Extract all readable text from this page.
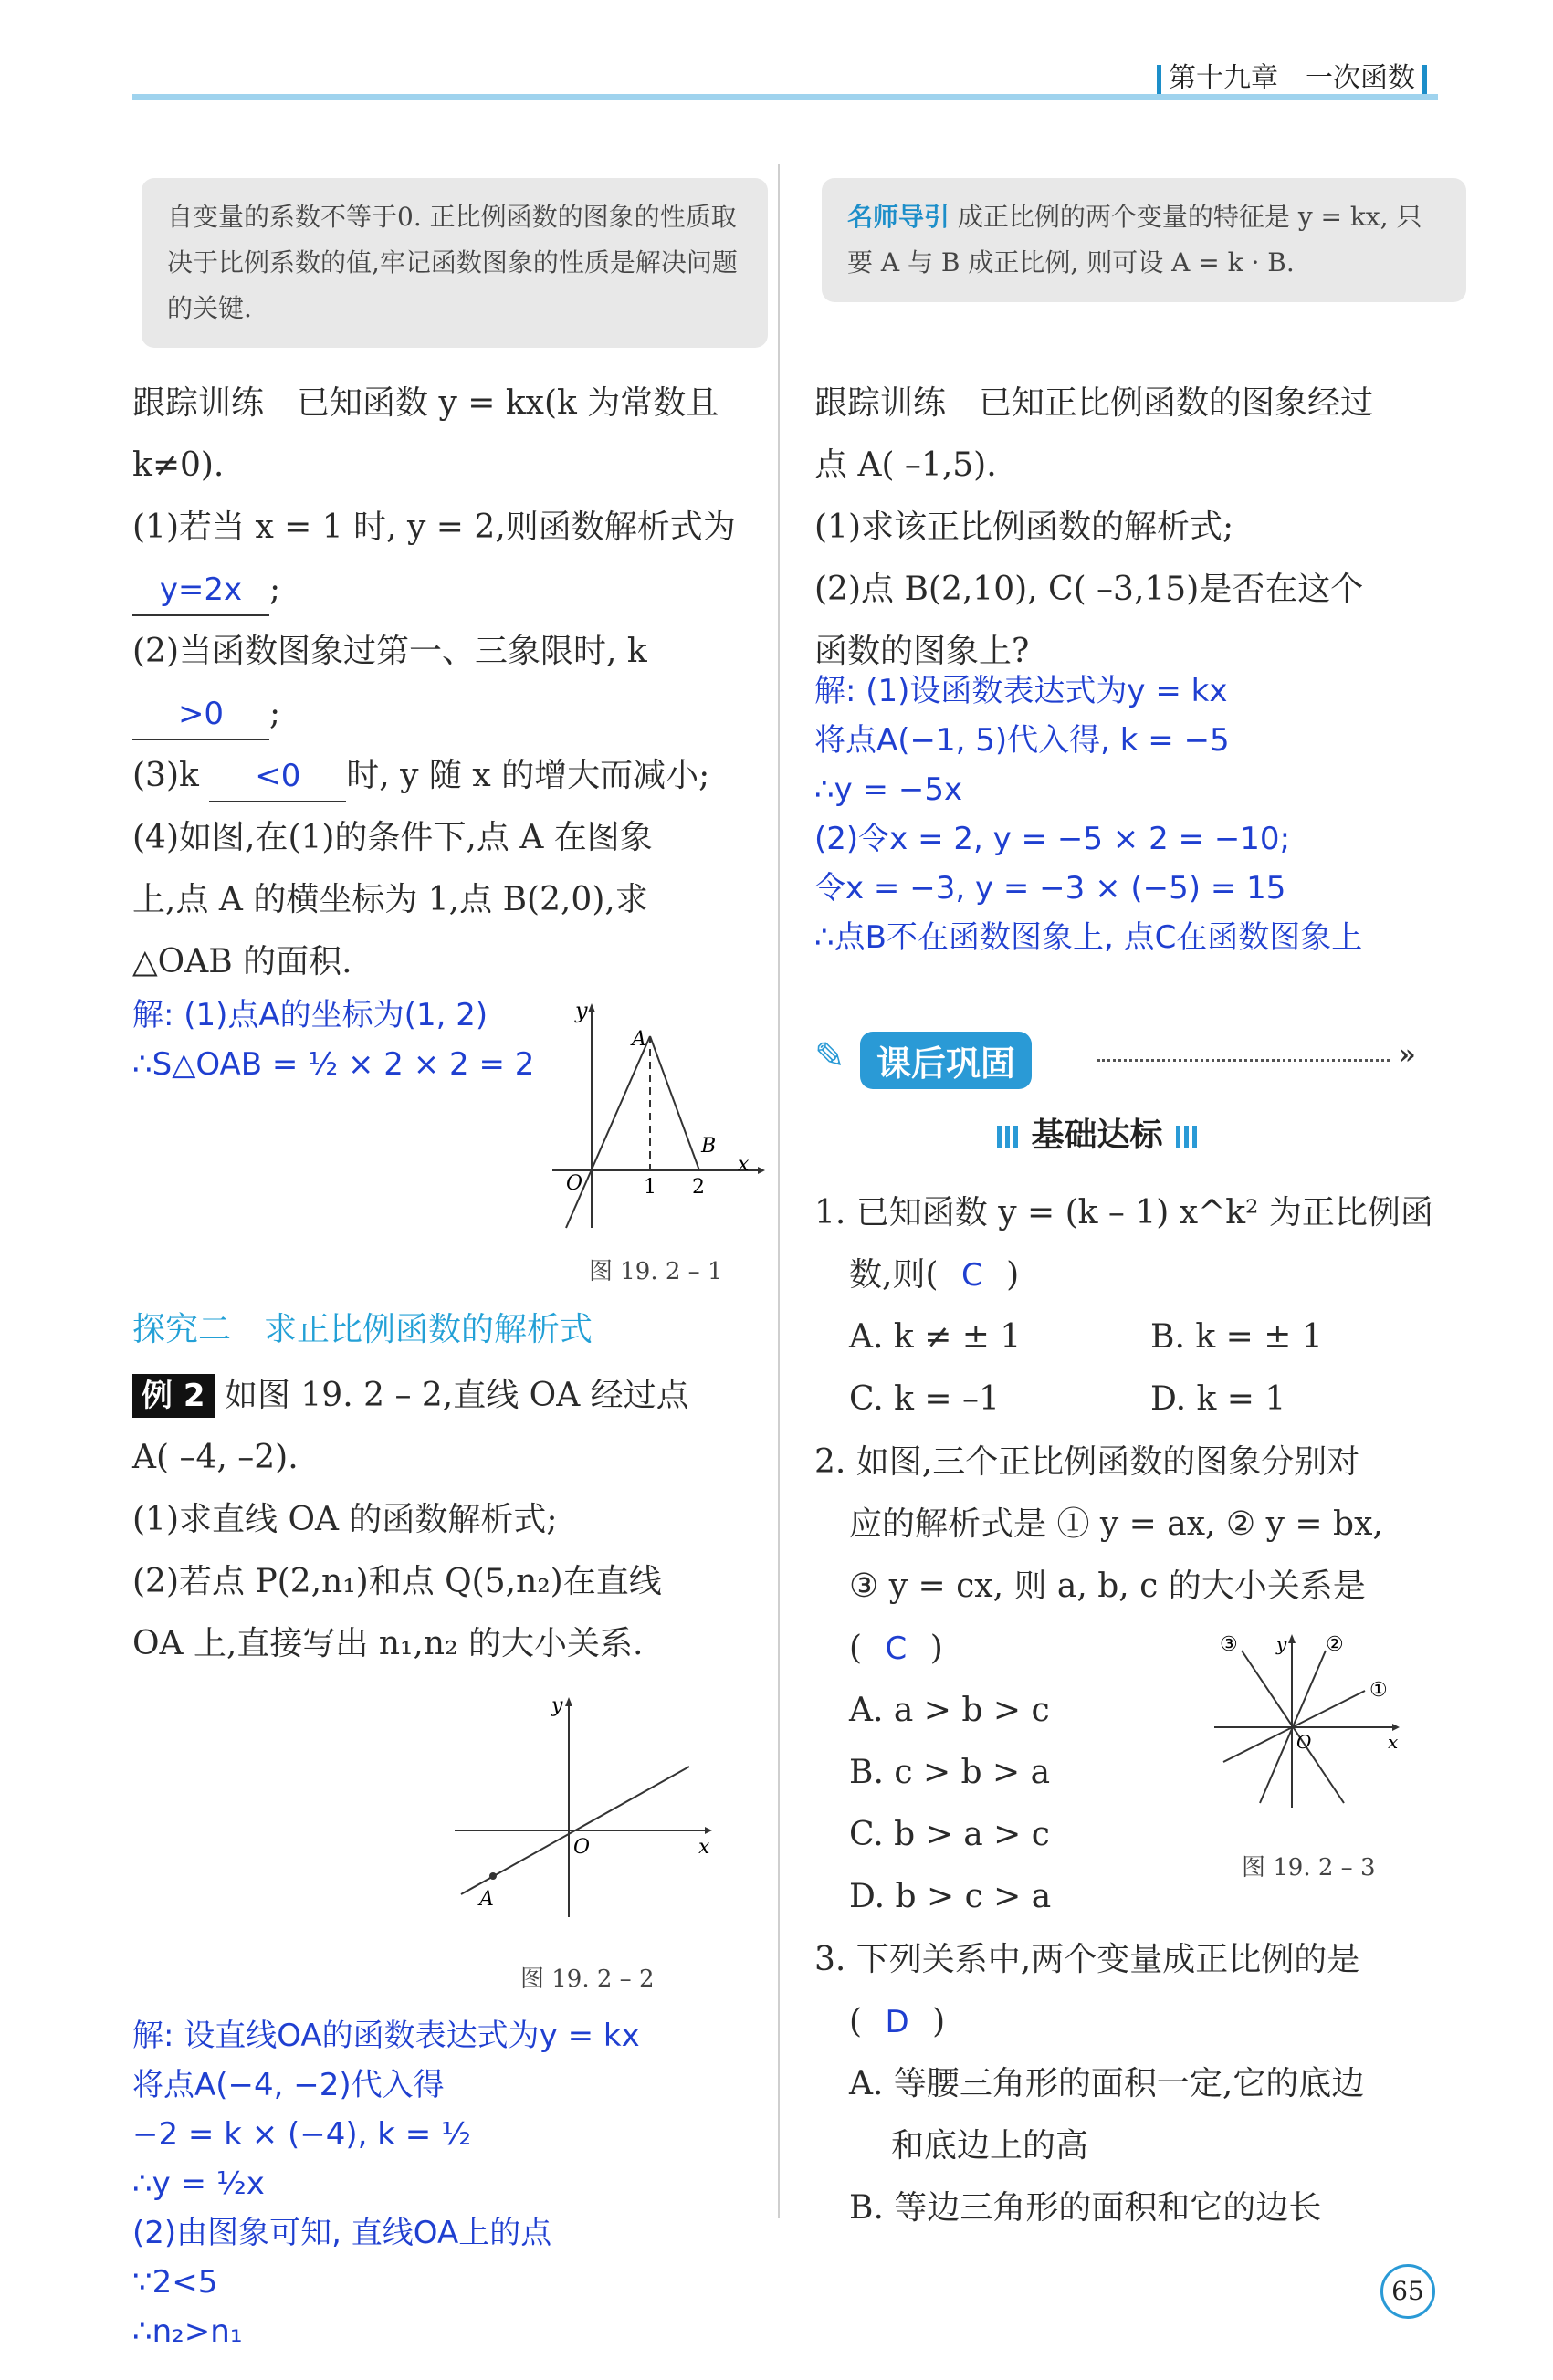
第十九章　一次函数
自变量的系数不等于0. 正比例函数的图象的性质取决于比例系数的值,牢记函数图象的性质是解决问题的关键.
跟踪训练　已知函数 y = kx(k 为常数且
k≠0).
(1)若当 x = 1 时, y = 2,则函数解析式为
y=2x ;
(2)当函数图象过第一、三象限时, k
>0 ;
(3)k <0 时, y 随 x 的增大而减小;
(4)如图,在(1)的条件下,点 A 在图象
上,点 A 的横坐标为 1,点 B(2,0),求
△OAB 的面积.
解: (1)点A的坐标为(1, 2)
∴S△OAB = ½ × 2 × 2 = 2
y
x
O
A
B
1 2
图 19. 2 – 1
探究二　求正比例函数的解析式
例 2 如图 19. 2 – 2,直线 OA 经过点
A( –4, –2).
(1)求直线 OA 的函数解析式;
(2)若点 P(2,n₁)和点 Q(5,n₂)在直线
OA 上,直接写出 n₁,n₂ 的大小关系.
y
x
O
A
图 19. 2 – 2
解: 设直线OA的函数表达式为y = kx
将点A(−4, −2)代入得
−2 = k × (−4), k = ½
∴y = ½x
(2)由图象可知, 直线OA上的点
∵2<5
∴n₂>n₁
名师导引 成正比例的两个变量的特征是 y = kx, 只要 A 与 B 成正比例, 则可设 A = k · B.
跟踪训练　已知正比例函数的图象经过
点 A( –1,5).
(1)求该正比例函数的解析式;
(2)点 B(2,10), C( –3,15)是否在这个
函数的图象上?
解: (1)设函数表达式为y = kx
将点A(−1, 5)代入得, k = −5
∴y = −5x
(2)令x = 2, y = −5 × 2 = −10;
令x = −3, y = −3 × (−5) = 15
∴点B不在函数图象上, 点C在函数图象上
✎ 课后巩固	»
基础达标
1. 已知函数 y = (k – 1) x^k² 为正比例函
数,则( C )
A. k ≠ ± 1	B. k = ± 1
C. k = –1	D. k = 1
2. 如图,三个正比例函数的图象分别对
应的解析式是 ① y = ax, ② y = bx,
③ y = cx, 则 a, b, c 的大小关系是
( C )
A. a > b > c
B. c > b > a
C. b > a > c
D. b > c > a
y
x
O
①
②
③
图 19. 2 – 3
3. 下列关系中,两个变量成正比例的是
( D )
A. 等腰三角形的面积一定,它的底边
和底边上的高
B. 等边三角形的面积和它的边长
65
